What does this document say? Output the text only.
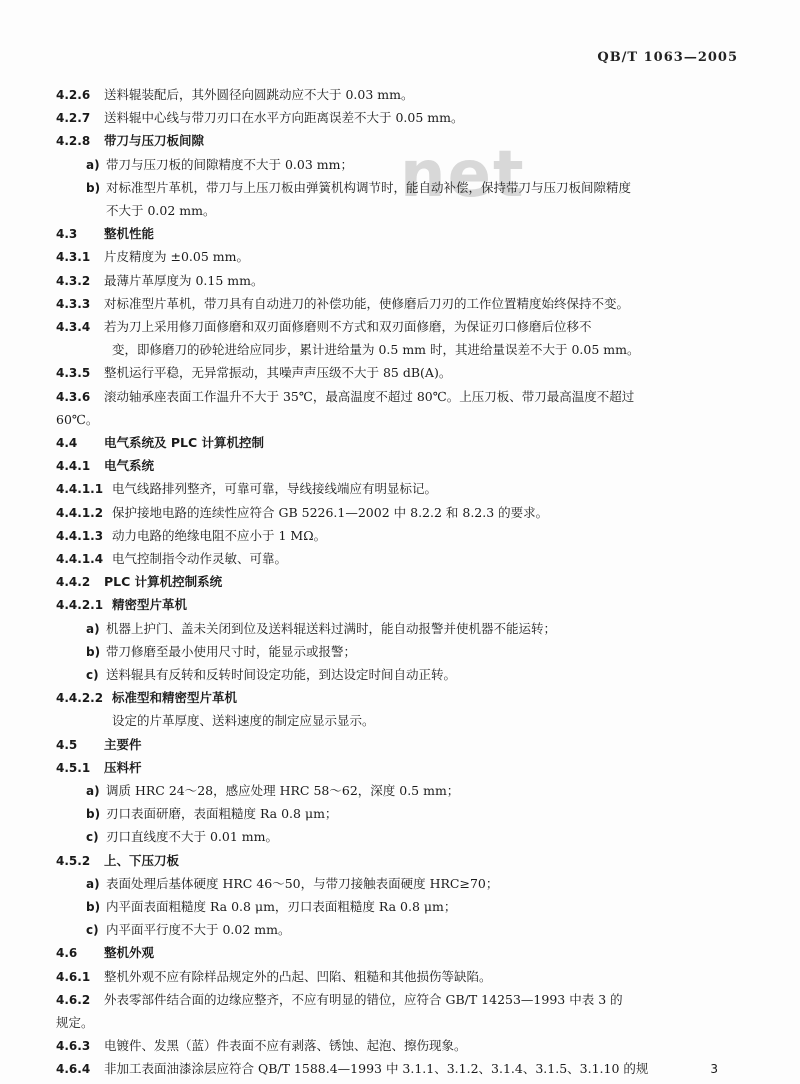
QB/T 1063—2005
net
4.2.6 送料辊装配后，其外圆径向圆跳动应不大于 0.03 mm。
4.2.7 送料辊中心线与带刀刃口在水平方向距离误差不大于 0.05 mm。
4.2.8 带刀与压刀板间隙
a) 带刀与压刀板的间隙精度不大于 0.03 mm；
b) 对标准型片革机，带刀与上压刀板由弹簧机构调节时，能自动补偿，保持带刀与压刀板间隙精度
不大于 0.02 mm。
4.3 整机性能
4.3.1 片皮精度为 ±0.05 mm。
4.3.2 最薄片革厚度为 0.15 mm。
4.3.3 对标准型片革机，带刀具有自动进刀的补偿功能，使修磨后刀刃的工作位置精度始终保持不变。
4.3.4 若为刀上采用修刀面修磨和双刃面修磨则不方式和双刃面修磨，为保证刃口修磨后位移不
变，即修磨刀的砂轮进给应同步，累计进给量为 0.5 mm 时，其进给量误差不大于 0.05 mm。
4.3.5 整机运行平稳，无异常振动，其噪声声压级不大于 85 dB(A)。
4.3.6 滚动轴承座表面工作温升不大于 35℃，最高温度不超过 80℃。上压刀板、带刀最高温度不超过
60℃。
4.4 电气系统及 PLC 计算机控制
4.4.1 电气系统
4.4.1.1 电气线路排列整齐，可靠可靠，导线接线端应有明显标记。
4.4.1.2 保护接地电路的连续性应符合 GB 5226.1—2002 中 8.2.2 和 8.2.3 的要求。
4.4.1.3 动力电路的绝缘电阻不应小于 1 MΩ。
4.4.1.4 电气控制指令动作灵敏、可靠。
4.4.2 PLC 计算机控制系统
4.4.2.1 精密型片革机
a) 机器上护门、盖未关闭到位及送料辊送料过满时，能自动报警并使机器不能运转；
b) 带刀修磨至最小使用尺寸时，能显示或报警；
c) 送料辊具有反转和反转时间设定功能，到达设定时间自动正转。
4.4.2.2 标准型和精密型片革机
设定的片革厚度、送料速度的制定应显示显示。
4.5 主要件
4.5.1 压料杆
a) 调质 HRC 24～28，感应处理 HRC 58～62，深度 0.5 mm；
b) 刃口表面研磨，表面粗糙度 Ra 0.8 μm；
c) 刃口直线度不大于 0.01 mm。
4.5.2 上、下压刀板
a) 表面处理后基体硬度 HRC 46～50，与带刀接触表面硬度 HRC≥70；
b) 内平面表面粗糙度 Ra 0.8 μm，刃口表面粗糙度 Ra 0.8 μm；
c) 内平面平行度不大于 0.02 mm。
4.6 整机外观
4.6.1 整机外观不应有除样品规定外的凸起、凹陷、粗糙和其他损伤等缺陷。
4.6.2 外表零部件结合面的边缘应整齐，不应有明显的错位，应符合 GB/T 14253—1993 中表 3 的
规定。
4.6.3 电镀件、发黑（蓝）件表面不应有剥落、锈蚀、起泡、擦伤现象。
4.6.4 非加工表面油漆涂层应符合 QB/T 1588.4—1993 中 3.1.1、3.1.2、3.1.4、3.1.5、3.1.10 的规	3
